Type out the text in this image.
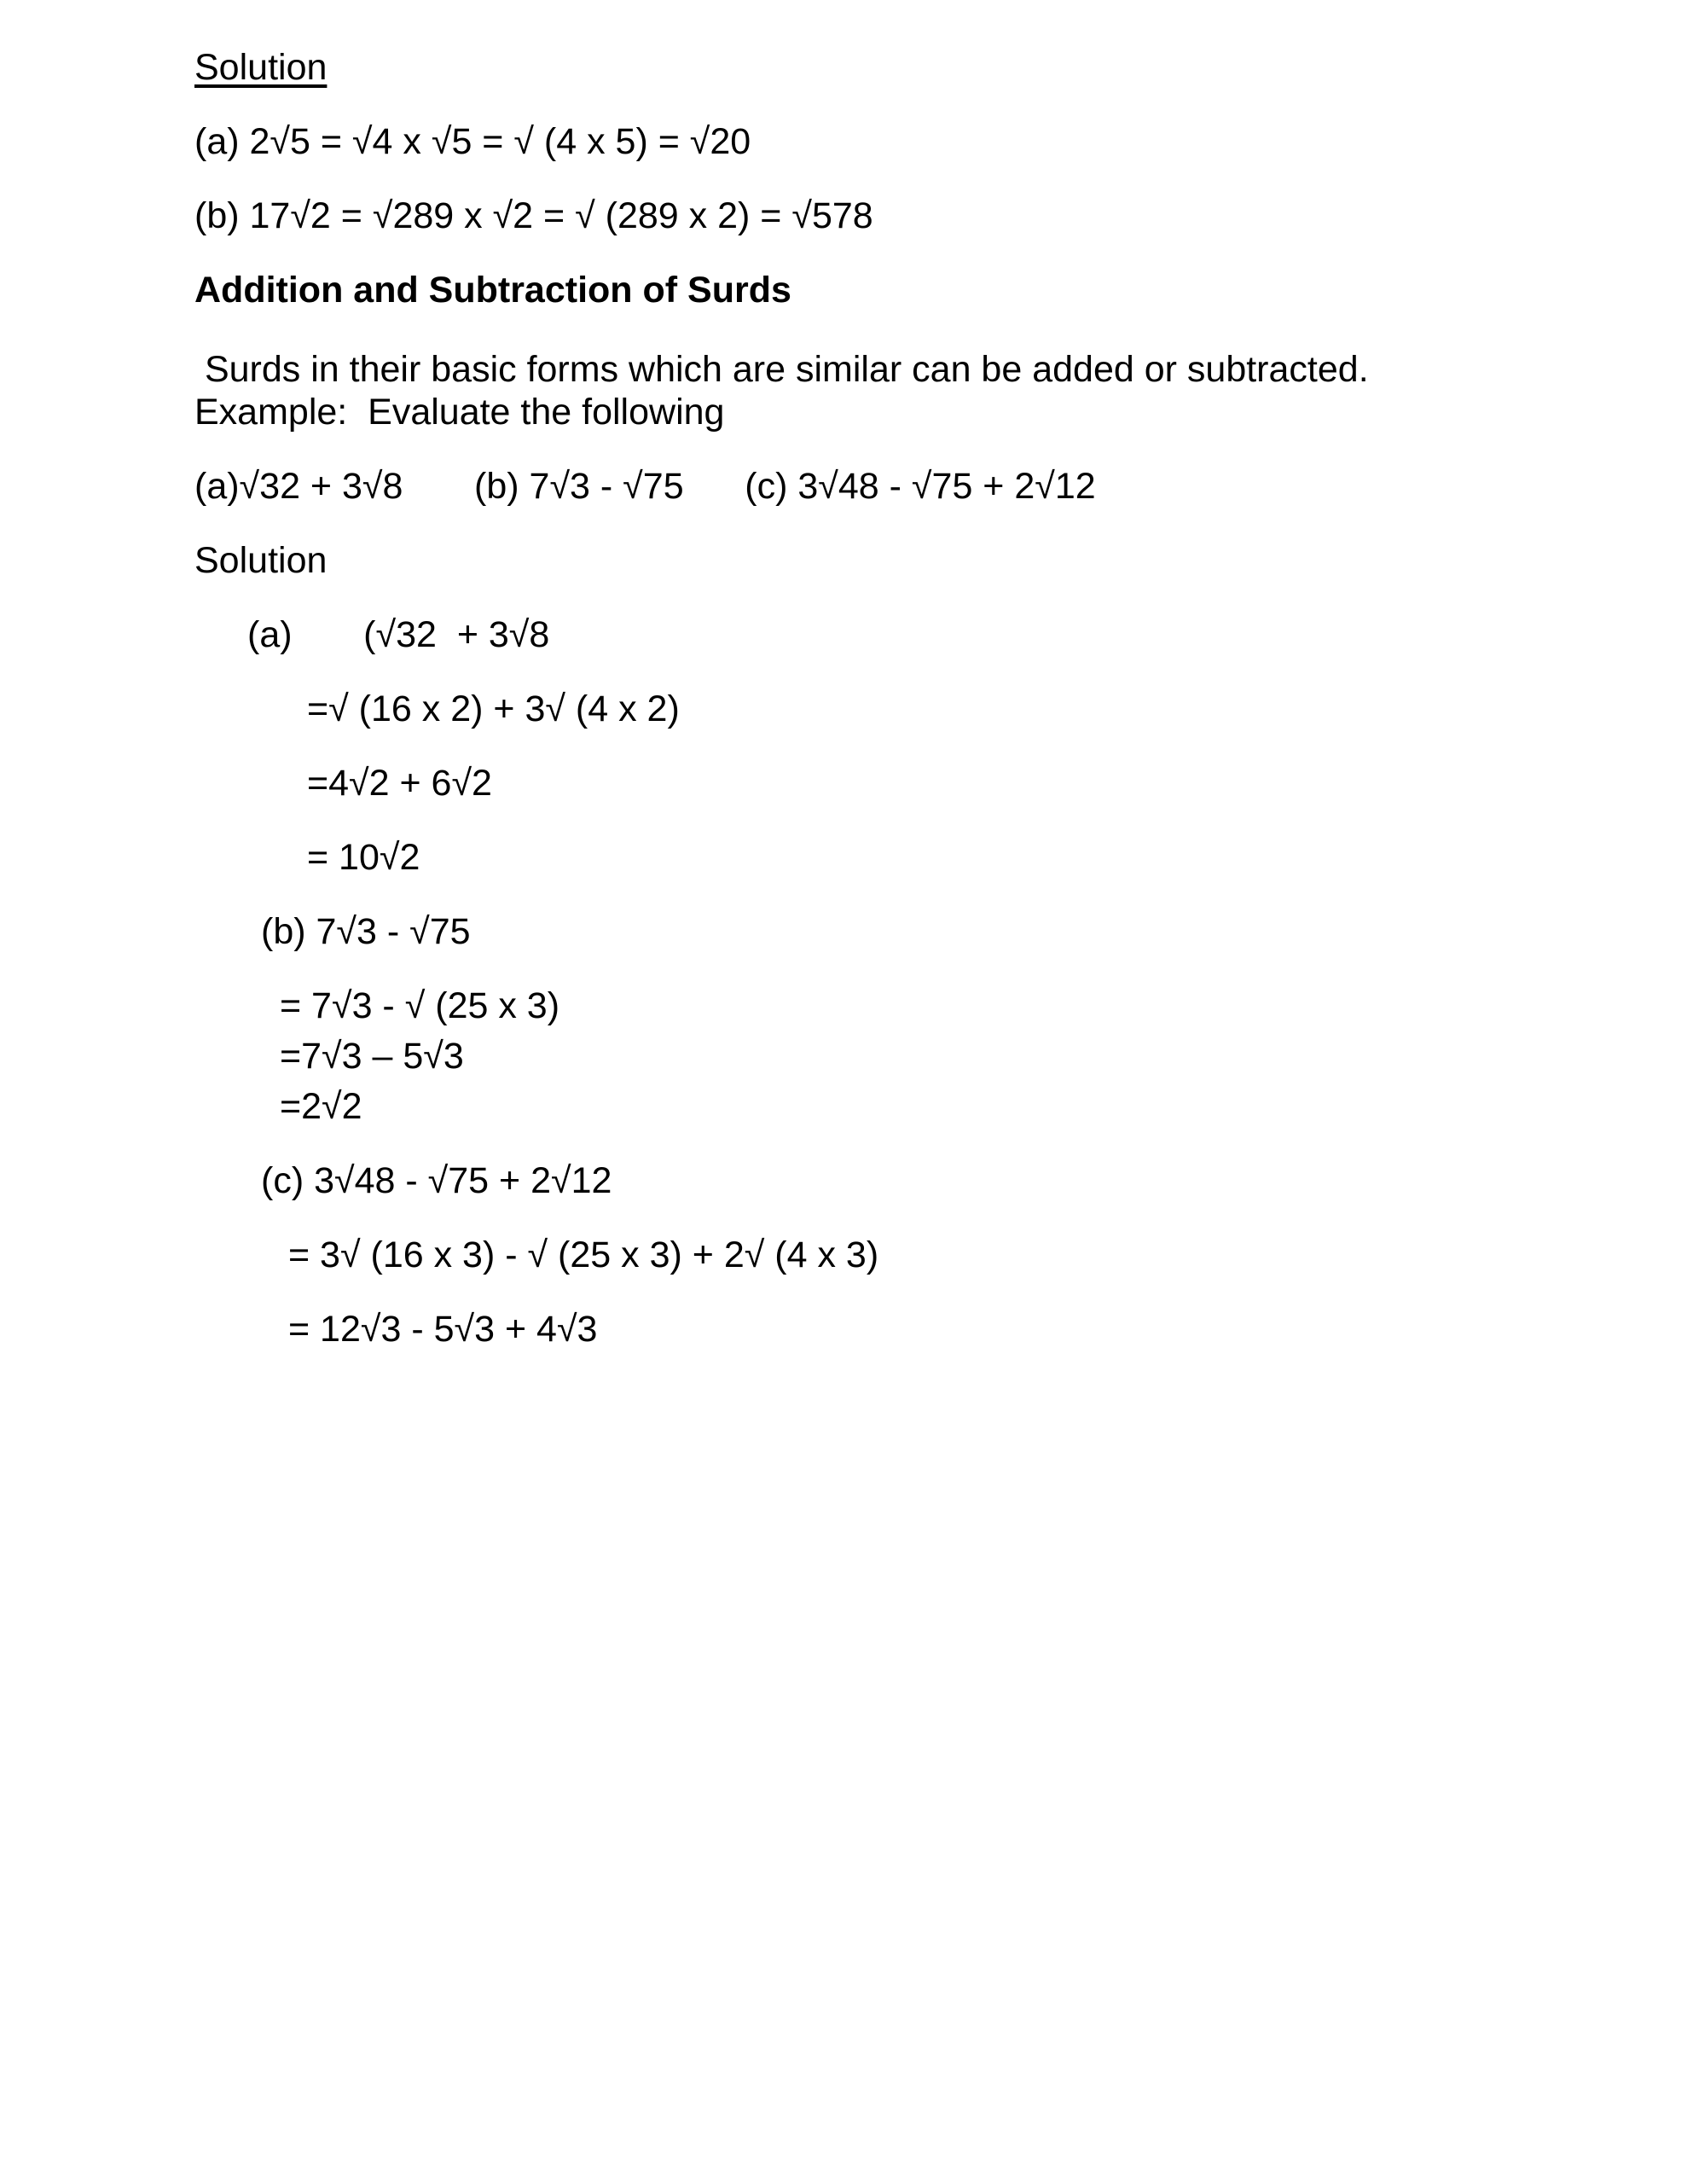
Solution

(a) 2√5 = √4 x √5 = √ (4 x 5) = √20

(b) 17√2 = √289 x √2 = √ (289 x 2) = √578

Addition and Subtraction of Surds

Surds in their basic forms which are similar can be added or subtracted.

Example:  Evaluate the following

(a)√32 + 3√8       (b) 7√3 - √75      (c) 3√48 - √75 + 2√12

Solution

(a)       (√32  + 3√8

=√ (16 x 2) + 3√ (4 x 2)

=4√2 + 6√2

= 10√2

(b) 7√3 - √75

= 7√3 - √ (25 x 3)

=7√3 – 5√3

=2√2

(c) 3√48 - √75 + 2√12

= 3√ (16 x 3) - √ (25 x 3) + 2√ (4 x 3)

= 12√3 - 5√3 + 4√3
